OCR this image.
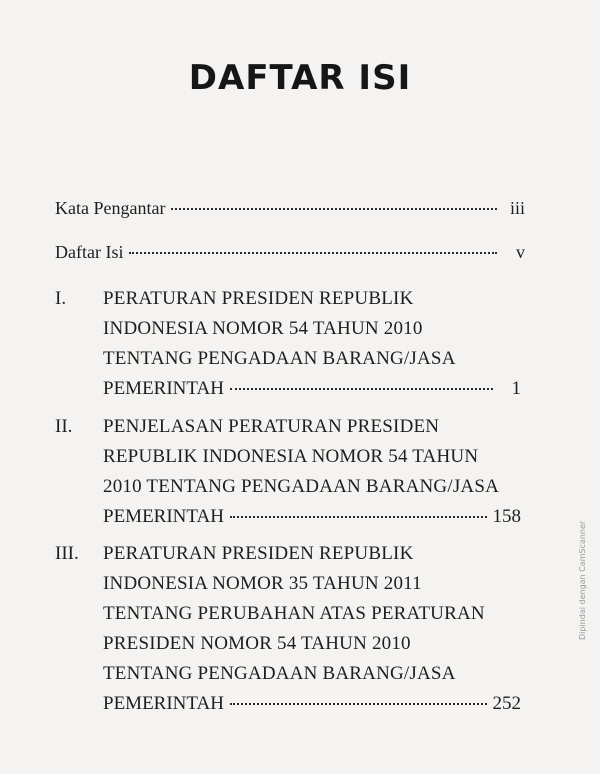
DAFTAR ISI
Kata Pengantar	iii
Daftar Isi	v
I. PERATURAN PRESIDEN REPUBLIK
INDONESIA NOMOR 54 TAHUN 2010
TENTANG PENGADAAN BARANG/JASA
PEMERINTAH	1
II. PENJELASAN PERATURAN PRESIDEN
REPUBLIK INDONESIA NOMOR 54 TAHUN
2010 TENTANG PENGADAAN BARANG/JASA
PEMERINTAH	158
III. PERATURAN PRESIDEN REPUBLIK
INDONESIA NOMOR 35 TAHUN 2011
TENTANG PERUBAHAN ATAS PERATURAN
PRESIDEN NOMOR 54 TAHUN 2010
TENTANG PENGADAAN BARANG/JASA
PEMERINTAH	252
Dipindai dengan CamScanner
